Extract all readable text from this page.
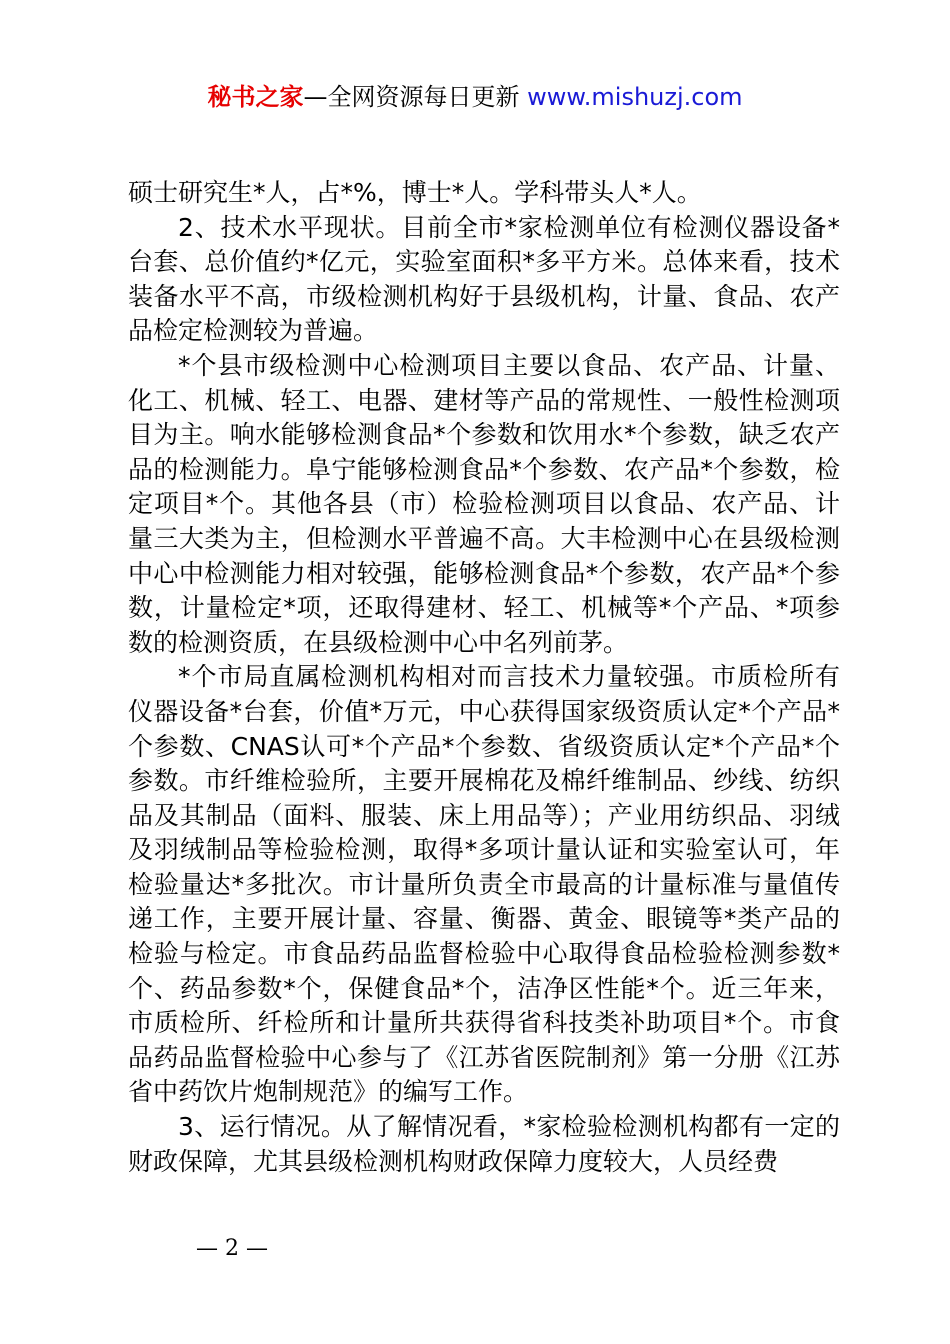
秘书之家—全网资源每日更新 www.mishuzj.com

硕士研究生*人，占*%，博士*人。学科带头人*人。

2、技术水平现状。目前全市*家检测单位有检测仪器设备*台套、总价值约*亿元，实验室面积*多平方米。总体来看，技术装备水平不高，市级检测机构好于县级机构，计量、食品、农产品检定检测较为普遍。

*个县市级检测中心检测项目主要以食品、农产品、计量、化工、机械、轻工、电器、建材等产品的常规性、一般性检测项目为主。响水能够检测食品*个参数和饮用水*个参数，缺乏农产品的检测能力。阜宁能够检测食品*个参数、农产品*个参数，检定项目*个。其他各县（市）检验检测项目以食品、农产品、计量三大类为主，但检测水平普遍不高。大丰检测中心在县级检测中心中检测能力相对较强，能够检测食品*个参数，农产品*个参数，计量检定*项，还取得建材、轻工、机械等*个产品、*项参数的检测资质，在县级检测中心中名列前茅。

*个市局直属检测机构相对而言技术力量较强。市质检所有仪器设备*台套，价值*万元，中心获得国家级资质认定*个产品*个参数、CNAS认可*个产品*个参数、省级资质认定*个产品*个参数。市纤维检验所，主要开展棉花及棉纤维制品、纱线、纺织品及其制品（面料、服装、床上用品等）；产业用纺织品、羽绒及羽绒制品等检验检测，取得*多项计量认证和实验室认可，年检验量达*多批次。市计量所负责全市最高的计量标准与量值传递工作，主要开展计量、容量、衡器、黄金、眼镜等*类产品的检验与检定。市食品药品监督检验中心取得食品检验检测参数*个、药品参数*个，保健食品*个，洁净区性能*个。近三年来，市质检所、纤检所和计量所共获得省科技类补助项目*个。市食品药品监督检验中心参与了《江苏省医院制剂》第一分册《江苏省中药饮片炮制规范》的编写工作。

3、运行情况。从了解情况看，*家检验检测机构都有一定的财政保障，尤其县级检测机构财政保障力度较大，人员经费

— 2 —
